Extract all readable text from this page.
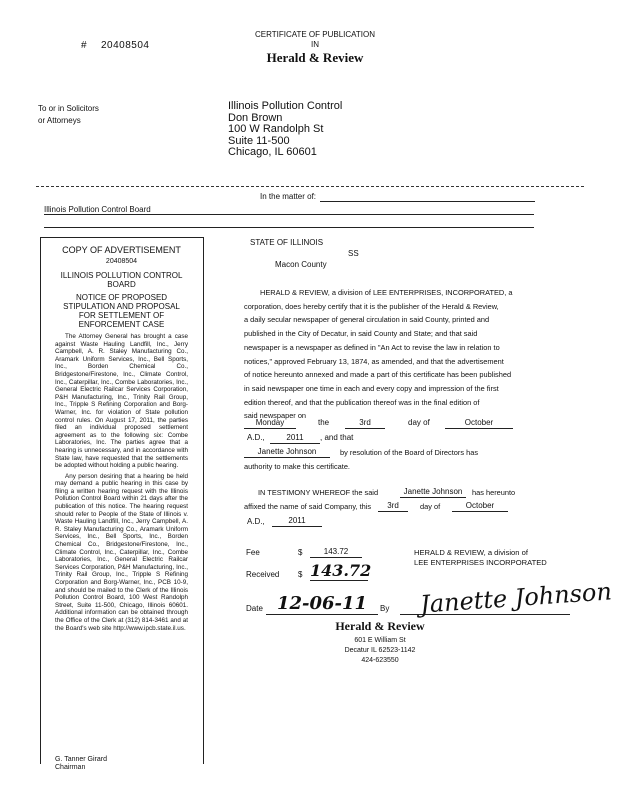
# 20408504
CERTIFICATE OF PUBLICATION
IN
Herald & Review
To or in Solicitors
or Attorneys
Illinois Pollution Control
Don Brown
100 W Randolph St
Suite 11-500
Chicago, IL 60601
In the matter of:
Illinois Pollution Control Board
COPY OF ADVERTISEMENT
20408504
ILLINOIS POLLUTION CONTROL BOARD
NOTICE OF PROPOSED STIPULATION AND PROPOSAL FOR SETTLEMENT OF ENFORCEMENT CASE
The Attorney General has brought a case against Waste Hauling Landfill, Inc., Jerry Campbell, A. R. Staley Manufacturing Co., Aramark Uniform Services, Inc., Bell Sports, Inc., Borden Chemical Co., Bridgestone/Firestone, Inc., Climate Control, Inc., Caterpillar, Inc., Combe Laboratories, Inc., General Electric Railcar Services Corporation, P&H Manufacturing, Inc., Trinity Rail Group, Inc., Tripple S Refining Corporation and Borg-Warner, Inc. for violation of State pollution control rules. On August 17, 2011, the parties filed an individual proposed settlement agreement as to the following six: Combe Laboratories, Inc. The parties agree that a hearing is unnecessary, and in accordance with State law, have requested that the settlements be adopted without holding a public hearing.
Any person desiring that a hearing be held may demand a public hearing in this case by filing a written hearing request with the Illinois Pollution Control Board within 21 days after the publication of this notice. The hearing request should refer to People of the State of Illinois v. Waste Hauling Landfill, Inc., Jerry Campbell, A. R. Staley Manufacturing Co., Aramark Uniform Services, Inc., Bell Sports, Inc., Borden Chemical Co., Bridgestone/Firestone, Inc., Climate Control, Inc., Caterpillar, Inc., Combe Laboratories, Inc., General Electric Railcar Services Corporation, P&H Manufacturing, Inc., Trinity Rail Group, Inc., Tripple S Refining Corporation and Borg-Warner, Inc., PCB 10-9, and should be mailed to the Clerk of the Illinois Pollution Control Board, 100 West Randolph Street, Suite 11-500, Chicago, Illinois 60601. Additional information can be obtained through the Office of the Clerk at (312) 814-3461 and at the Board's web site http://www.ipcb.state.il.us.
G. Tanner Girard
Chairman
STATE OF ILLINOIS
SS
Macon County
HERALD & REVIEW, a division of LEE ENTERPRISES, INCORPORATED, a
corporation, does hereby certify that it is the publisher of the Herald & Review,
a daily secular newspaper of general circulation in said County, printed and
published in the City of Decatur, in said County and State; and that said
newspaper is a newspaper as defined in "An Act to revise the law in relation to
notices," approved February 13, 1874, as amended, and that the advertisement
of notice hereunto annexed and made a part of this certificate has been published
in said newspaper one time in each and every copy and impression of the first
edition thereof, and that the publication thereof was in the final edition of
said newspaper on
Monday	the	3rd	day of	October
A.D.,	2011	, and that
Janette Johnson	by resolution of the Board of Directors has
authority to make this certificate.
IN TESTIMONY WHEREOF the said	Janette Johnson	has hereunto
affixed the name of said Company, this	3rd	day of	October
A.D.,	2011
Fee	$	143.72	HERALD & REVIEW, a division of
LEE ENTERPRISES INCORPORATED
Received $ 143.72
Date 12-06-11	By Janette Johnson
Herald & Review
601 E William St
Decatur IL 62523-1142
424-623550
